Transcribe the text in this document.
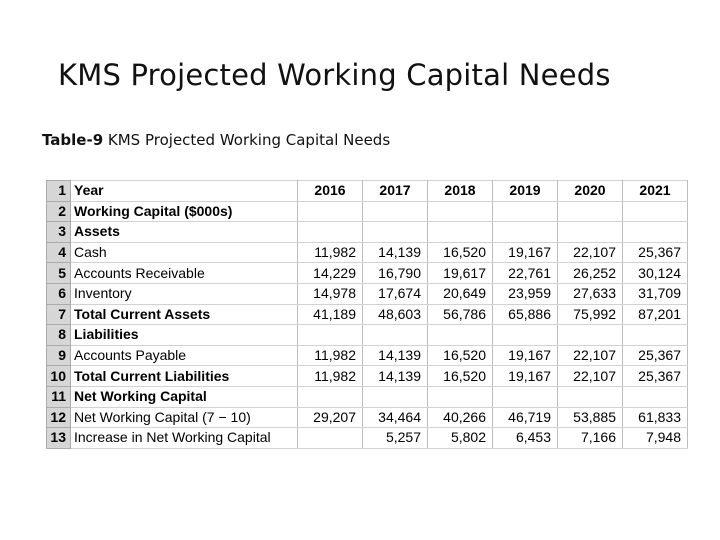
KMS Projected Working Capital Needs

Table-9 KMS Projected Working Capital Needs

1	Year	2016	2017	2018	2019	2020	2021
2	Working Capital ($000s)						
3	Assets						
4	Cash	11,982	14,139	16,520	19,167	22,107	25,367
5	Accounts Receivable	14,229	16,790	19,617	22,761	26,252	30,124
6	Inventory	14,978	17,674	20,649	23,959	27,633	31,709
7	Total Current Assets	41,189	48,603	56,786	65,886	75,992	87,201
8	Liabilities						
9	Accounts Payable	11,982	14,139	16,520	19,167	22,107	25,367
10	Total Current Liabilities	11,982	14,139	16,520	19,167	22,107	25,367
11	Net Working Capital						
12	Net Working Capital (7 − 10)	29,207	34,464	40,266	46,719	53,885	61,833
13	Increase in Net Working Capital		5,257	5,802	6,453	7,166	7,948
